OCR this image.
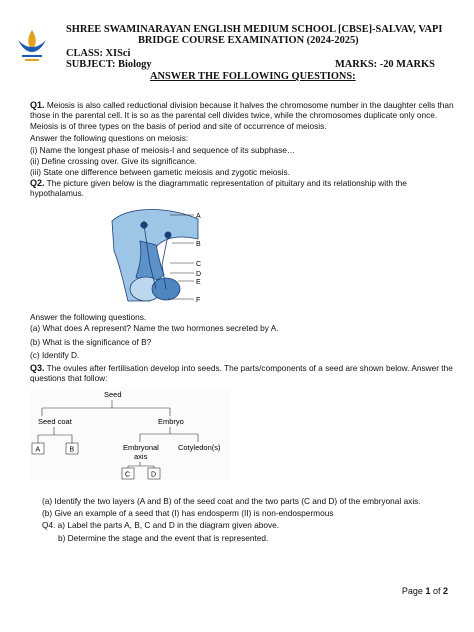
SHREE SWAMINARAYAN ENGLISH MEDIUM SCHOOL [CBSE]-SALVAV, VAPI
BRIDGE COURSE EXAMINATION (2024-2025)
CLASS: XISci
SUBJECT: Biology	MARKS: -20 MARKS
ANSWER THE FOLLOWING QUESTIONS:
Q1. Meiosis is also called reductional division because it halves the chromosome number in the daughter cells than those in the parental cell. It is so as the parental cell divides twice, while the chromosomes duplicate only once. Meiosis is of three types on the basis of period and site of occurrence of meiosis.
Answer the following questions on meiosis:
(i) Name the longest phase of meiosis-I and sequence of its subphase…
(ii) Define crossing over. Give its significance.
(iii) State one difference between gametic meiosis and zygotic meiosis.
Q2. The picture given below is the diagrammatic representation of pituitary and its relationship with the hypothalamus.
A
B
C
D
E
F
Answer the following questions.
(a) What does A represent? Name the two hormones secreted by A.
(b) What is the significance of B?
(c) Identify D.
Q3. The ovules after fertilisation develop into seeds. The parts/components of a seed are shown below. Answer the questions that follow:
Seed
Seed coat	Embryo
A	B	Embryonal
axis
Cotyledon(s)
C	D
(a) Identify the two layers (A and B) of the seed coat and the two parts (C and D) of the embryonal axis.
(b) Give an example of a seed that (I) has endosperm (II) is non-endospermous
Q4. a) Label the parts A, B, C and D in the diagram given above.
b) Determine the stage and the event that is represented.
Page 1 of 2
